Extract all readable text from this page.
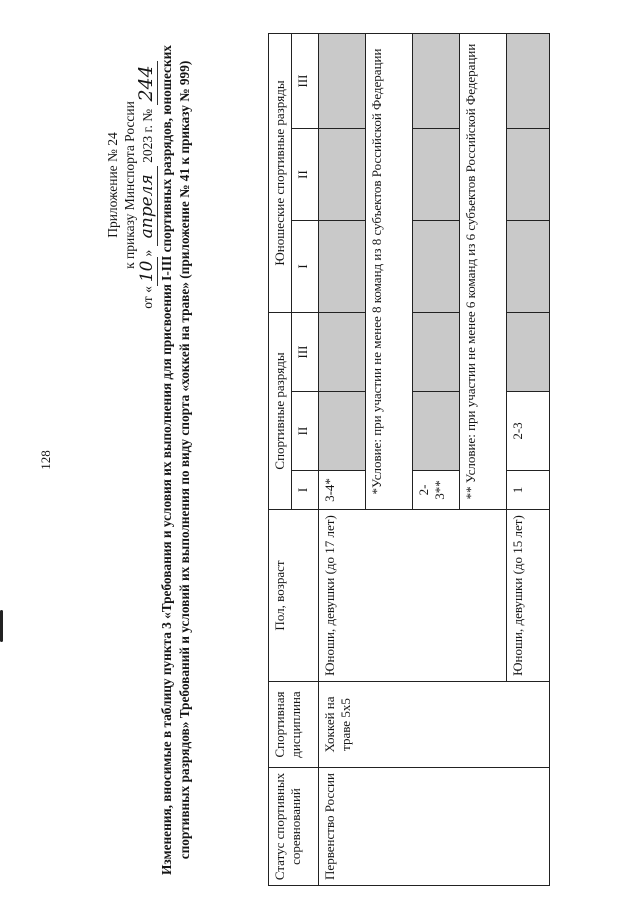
128
Приложение № 24 к приказу Минспорта России
от «10» апреля 2023 г. № 244 Изменения, вносимые в таблицу пункта 3 «Требования и условия их выполнения для присвоения I-III спортивных разрядов, юношеских спортивных разрядов» Требований и условий их выполнения по виду спорта «хоккей на траве» (приложение № 41 к приказу № 999)	Статус спортивных соревнований	Спортивная дисциплина	Пол, возраст	Спортивные разряды			Юношеские спортивные разряды		
			I	II	III	I	II	III
Первенство России	Хоккей на траве 5х5	Юноши, девушки (до 17 лет)	3-4*					
			*Условие: при участии не менее 8 команд из 8 субъектов Российской Федерации					
			2-3**					
			** Условие: при участии не менее 6 команд из 6 субъектов Российской Федерации					
		Юноши, девушки (до 15 лет)	1	2-3				
